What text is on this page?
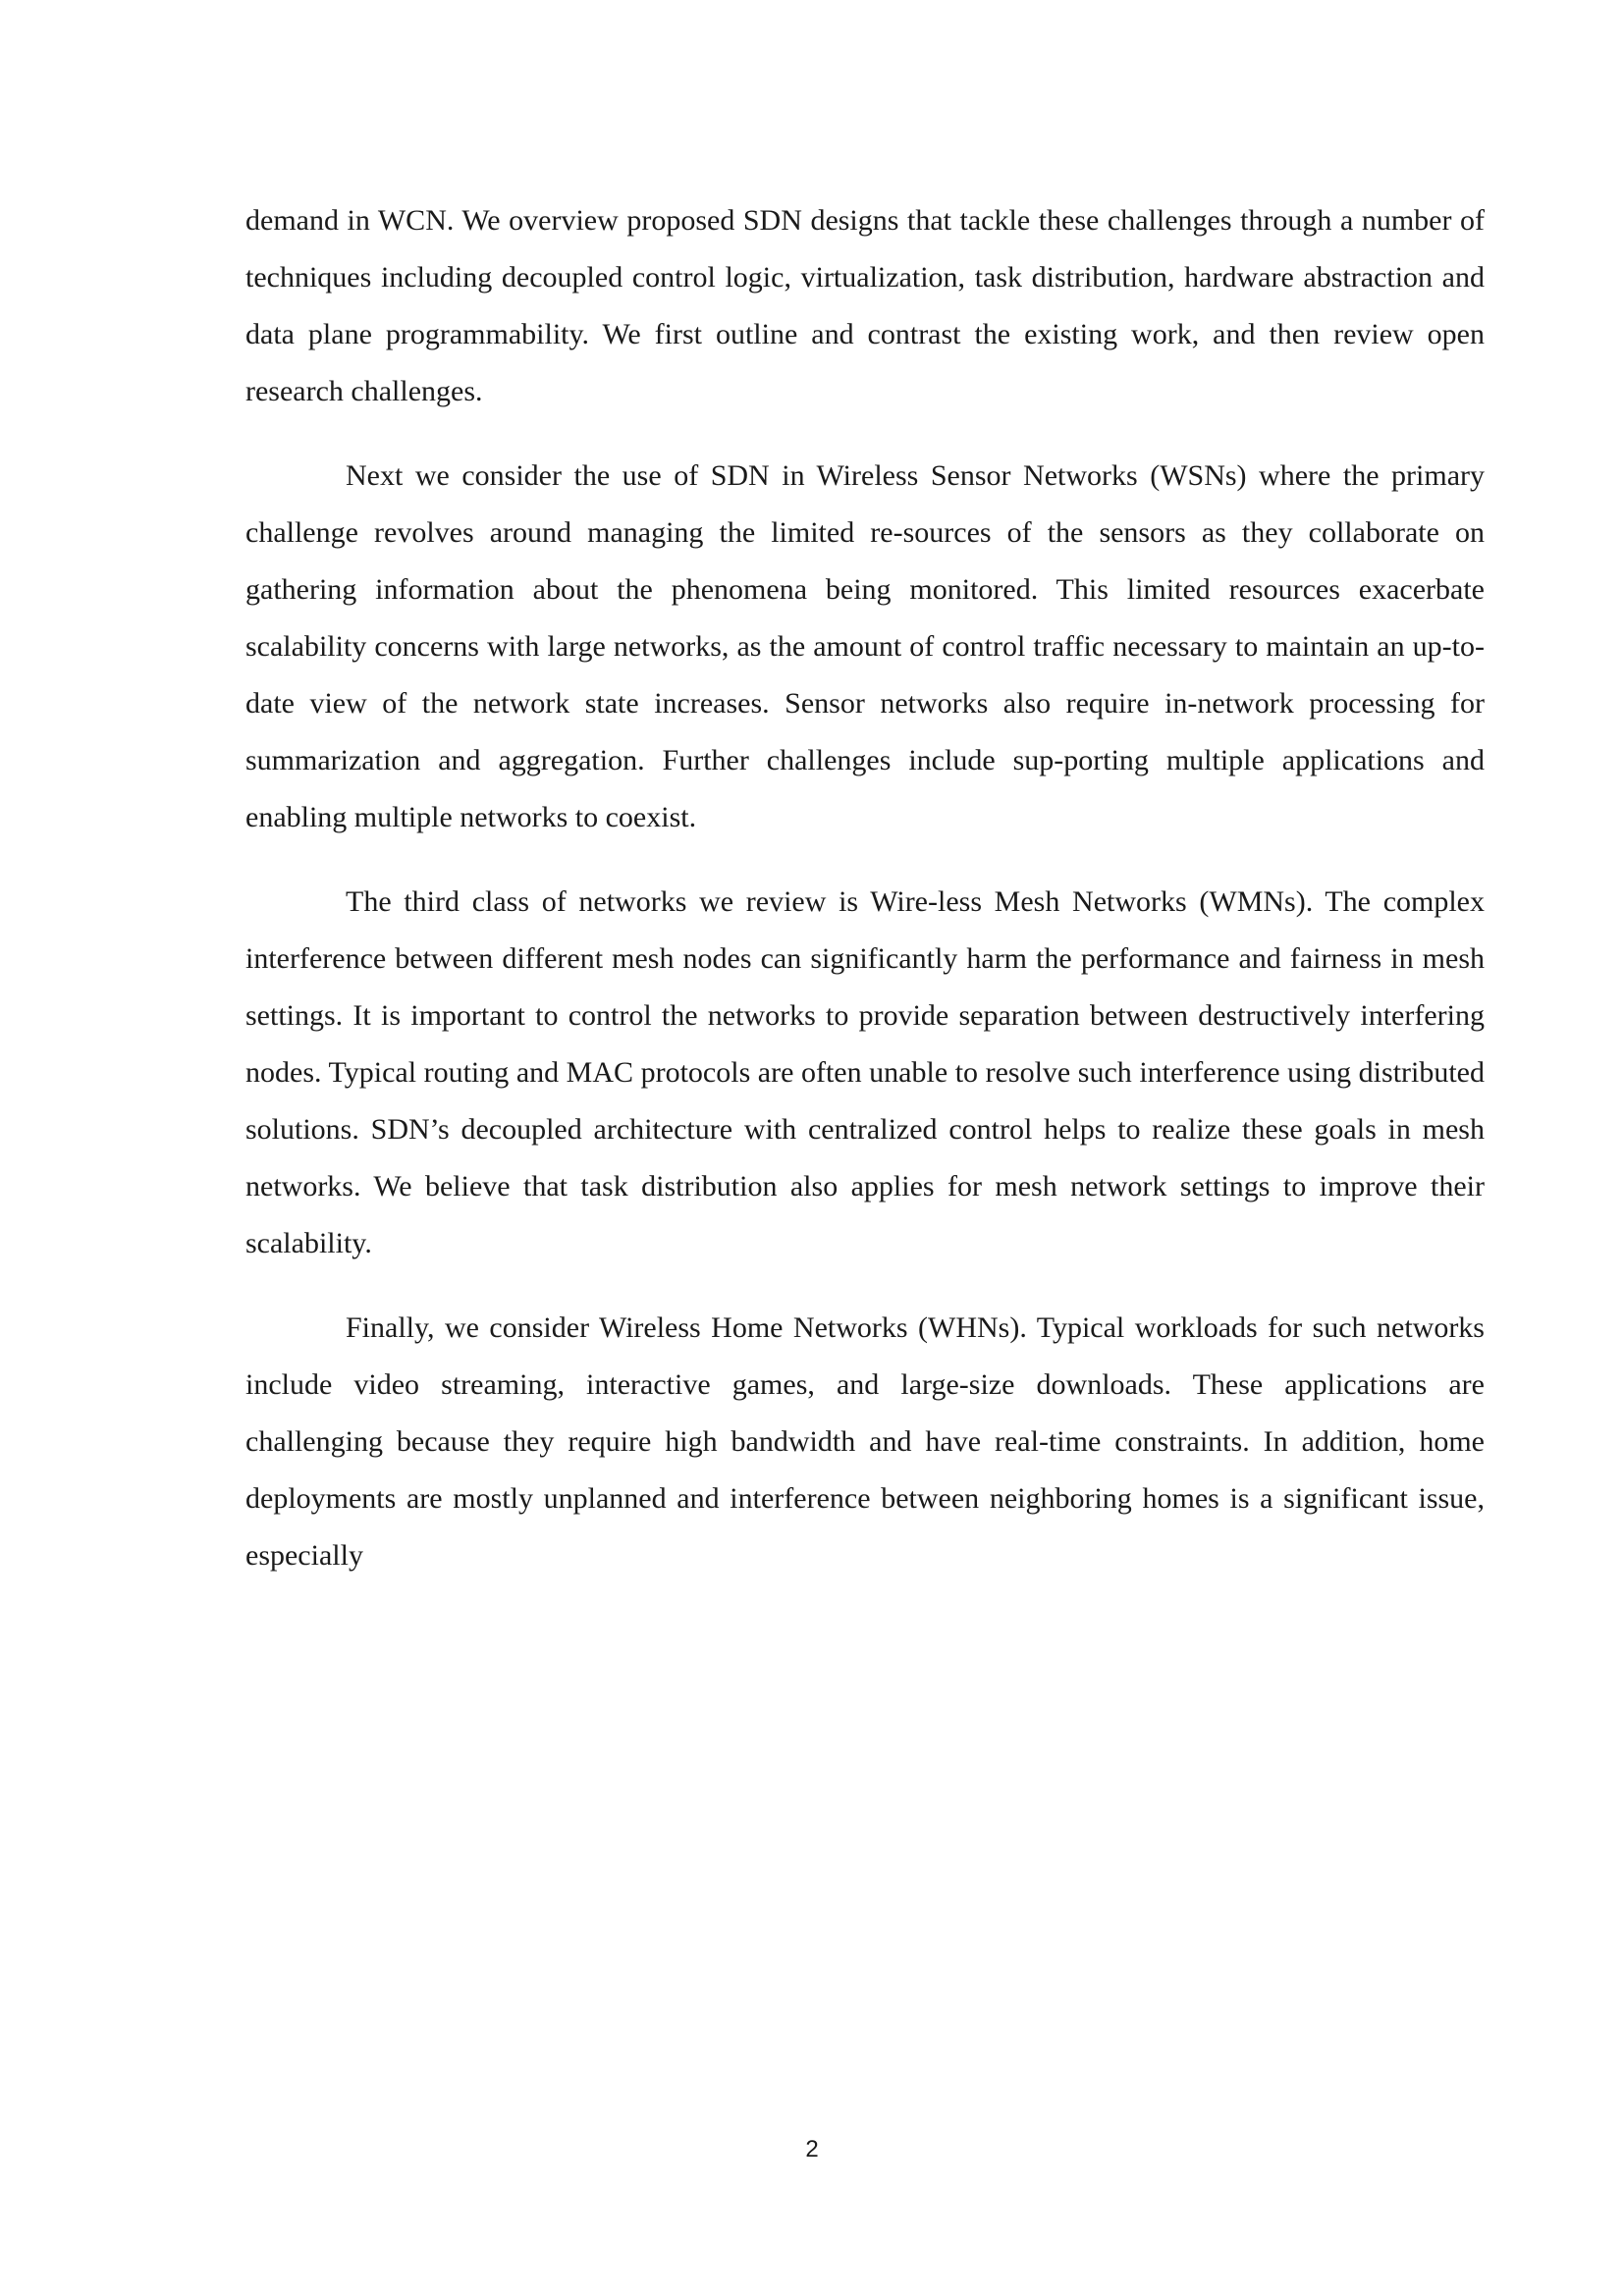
demand in WCN. We overview proposed SDN designs that tackle these challenges through a number of techniques including decoupled control logic, virtualization, task distribution, hardware abstraction and data plane programmability. We first outline and contrast the existing work, and then review open research challenges.

Next we consider the use of SDN in Wireless Sensor Networks (WSNs) where the primary challenge revolves around managing the limited re-sources of the sensors as they collaborate on gathering information about the phenomena being monitored. This limited resources exacerbate scalability concerns with large networks, as the amount of control traffic necessary to maintain an up-to-date view of the network state increases. Sensor networks also require in-network processing for summarization and aggregation. Further challenges include sup-porting multiple applications and enabling multiple networks to coexist.

The third class of networks we review is Wire-less Mesh Networks (WMNs). The complex interference between different mesh nodes can significantly harm the performance and fairness in mesh settings. It is important to control the networks to provide separation between destructively interfering nodes. Typical routing and MAC protocols are often unable to resolve such interference using distributed solutions. SDN’s decoupled architecture with centralized control helps to realize these goals in mesh networks. We believe that task distribution also applies for mesh network settings to improve their scalability.

Finally, we consider Wireless Home Networks (WHNs). Typical workloads for such networks include video streaming, interactive games, and large-size downloads. These applications are challenging because they require high bandwidth and have real-time constraints. In addition, home deployments are mostly unplanned and interference between neighboring homes is a significant issue, especially

2
